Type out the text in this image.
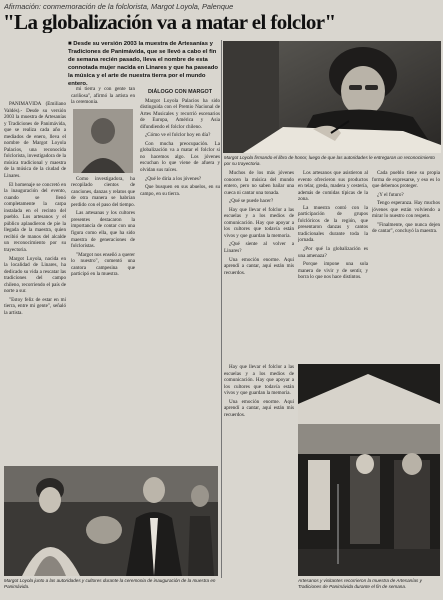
Afirmación: conmemoración de la folclorista, Margot Loyola, Palenque
"La globalización va a matar el folclor"
■ Desde su versión 2003 la muestra de Artesanías y Tradiciones de Panimávida, que se llevó a cabo el fin de semana recién pasado, lleva el nombre de esta connotada mujer nacida en Linares y que ha paseado la música y el arte de nuestra tierra por el mundo entero.
Margot Loyola firmando el libro de honor, luego de que las autoridades le entregaran un reconocimiento por su trayectoria.

PANIMÁVIDA (Emiliano Valdés).- Desde su versión 2003 la muestra de Artesanías y Tradiciones de Panimávida, que se realiza cada año a mediados de enero, lleva el nombre de Margot Loyola Palacios, una reconocida folclorista, investigadora de la música tradicional y maestra de la música de la ciudad de Linares.

El homenaje se concretó en la inauguración del evento, cuando se llenó completamente la carpa instalada en el recinto del pueblo. Los artesanos y el público aplaudieron de pie la llegada de la maestra, quien recibió de manos del alcalde un reconocimiento por su trayectoria.

Margot Loyola, nacida en la localidad de Linares, ha dedicado su vida a rescatar las tradiciones del campo chileno, recorriendo el país de norte a sur.

"Estoy feliz de estar en mi tierra, entre mi gente", señaló la artista.

mi tierra y con gente tan cariñosa", afirmó la artista en la ceremonia.

Como investigadora, ha recopilado cientos de canciones, danzas y relatos que de otra manera se habrían perdido con el paso del tiempo.

Las artesanas y los cultores presentes destacaron la importancia de contar con una figura como ella, que ha sido maestra de generaciones de folcloristas.

"Margot nos enseñó a querer lo nuestro", comentó una cantora campesina que participó en la muestra.

DIÁLOGO CON MARGOT

Margot Loyola Palacios ha sido distinguida con el Premio Nacional de Artes Musicales y recorrió escenarios de Europa, América y Asia difundiendo el folclor chileno.

¿Cómo ve el folclor hoy en día?

Con mucha preocupación. La globalización va a matar el folclor si no hacemos algo. Los jóvenes escuchan lo que viene de afuera y olvidan sus raíces.

¿Qué le diría a los jóvenes?

Que busquen en sus abuelos, en su campo, en su tierra.

Muchos de los más jóvenes conocen la música del mundo entero, pero no saben bailar una cueca ni cantar una tonada.

¿Qué se puede hacer?

Hay que llevar el folclor a las escuelas y a los medios de comunicación. Hay que apoyar a los cultores que todavía están vivos y que guardan la memoria.

¿Qué siente al volver a Linares?

Una emoción enorme. Aquí aprendí a cantar, aquí están mis recuerdos.

Los artesanos que asistieron al evento ofrecieron sus productos en telar, greda, madera y cestería, además de comidas típicas de la zona.

La muestra contó con la participación de grupos folclóricos de la región, que presentaron danzas y cantos tradicionales durante toda la jornada.

¿Por qué la globalización es una amenaza?

Porque impone una sola manera de vivir y de sentir, y borra lo que nos hace distintos.

Cada pueblo tiene su propia forma de expresarse, y eso es lo que debemos proteger.

¿Y el futuro?

Tengo esperanza. Hay muchos jóvenes que están volviendo a mirar lo nuestro con respeto.

"Finalmente, que nunca dejen de cantar", concluyó la maestra.

Hay que llevar el folclor a las escuelas y a los medios de comunicación. Hay que apoyar a los cultores que todavía están vivos y que guardan la memoria.

Una emoción enorme. Aquí aprendí a cantar, aquí están mis recuerdos.

Artesanos y visitantes recorrieron la muestra de Artesanías y Tradiciones de Panimávida durante el fin de semana.
Margot Loyola junto a las autoridades y cultores durante la ceremonia de inauguración de la muestra en Panimávida.
